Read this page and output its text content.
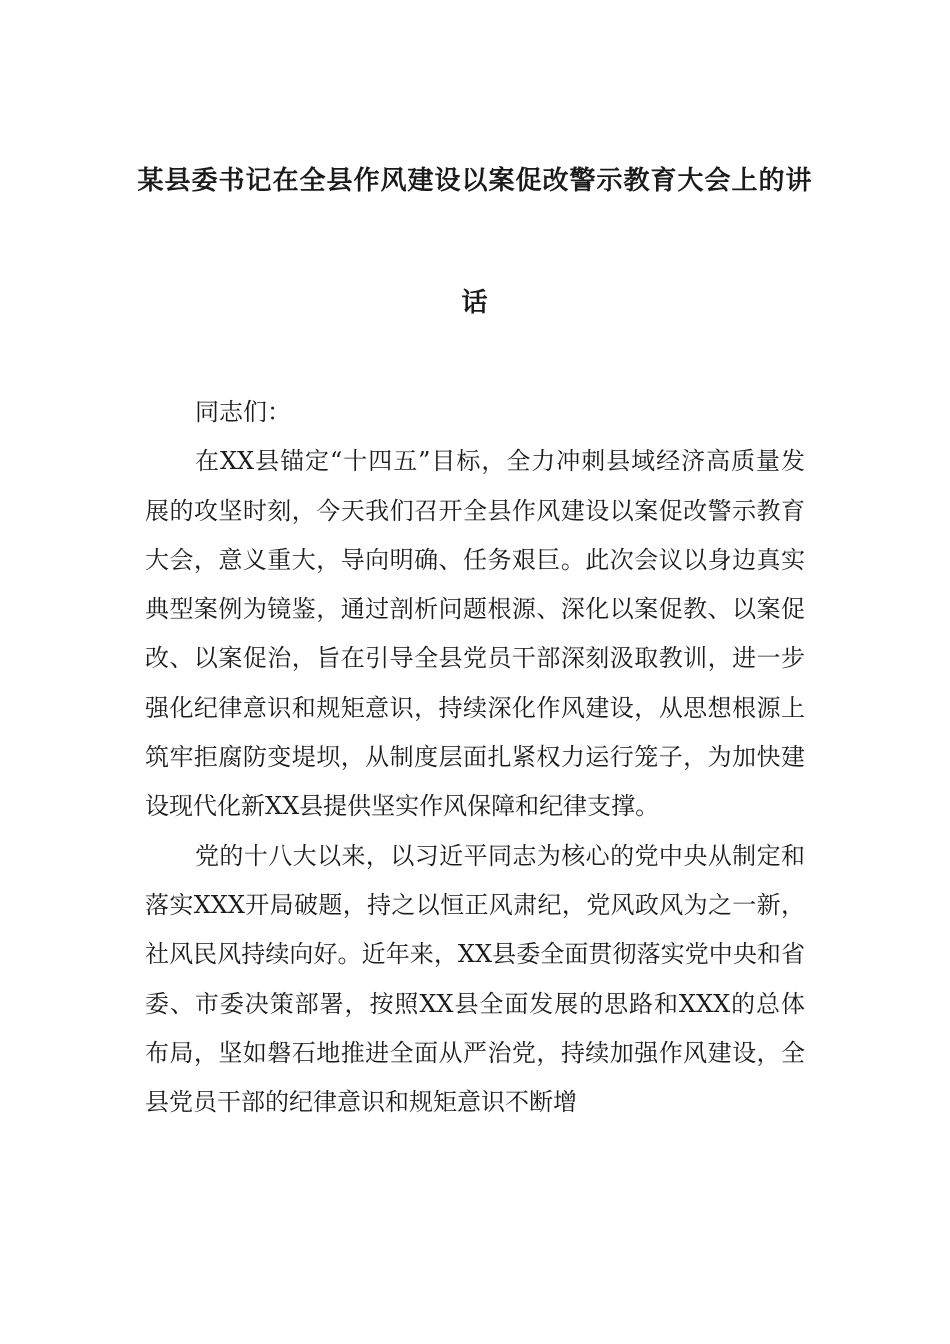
某县委书记在全县作风建设以案促改警示教育大会上的讲
话

同志们：

在XX县锚定“十四五”目标，全力冲刺县域经济高质量发展的攻坚时刻，今天我们召开全县作风建设以案促改警示教育大会，意义重大，导向明确、任务艰巨。此次会议以身边真实典型案例为镜鉴，通过剖析问题根源、深化以案促教、以案促改、以案促治，旨在引导全县党员干部深刻汲取教训，进一步强化纪律意识和规矩意识，持续深化作风建设，从思想根源上筑牢拒腐防变堤坝，从制度层面扎紧权力运行笼子，为加快建设现代化新XX县提供坚实作风保障和纪律支撑。

党的十八大以来，以习近平同志为核心的党中央从制定和落实XXX开局破题，持之以恒正风肃纪，党风政风为之一新，社风民风持续向好。近年来，XX县委全面贯彻落实党中央和省委、市委决策部署，按照XX县全面发展的思路和XXX的总体布局，坚如磐石地推进全面从严治党，持续加强作风建设，全县党员干部的纪律意识和规矩意识不断增
